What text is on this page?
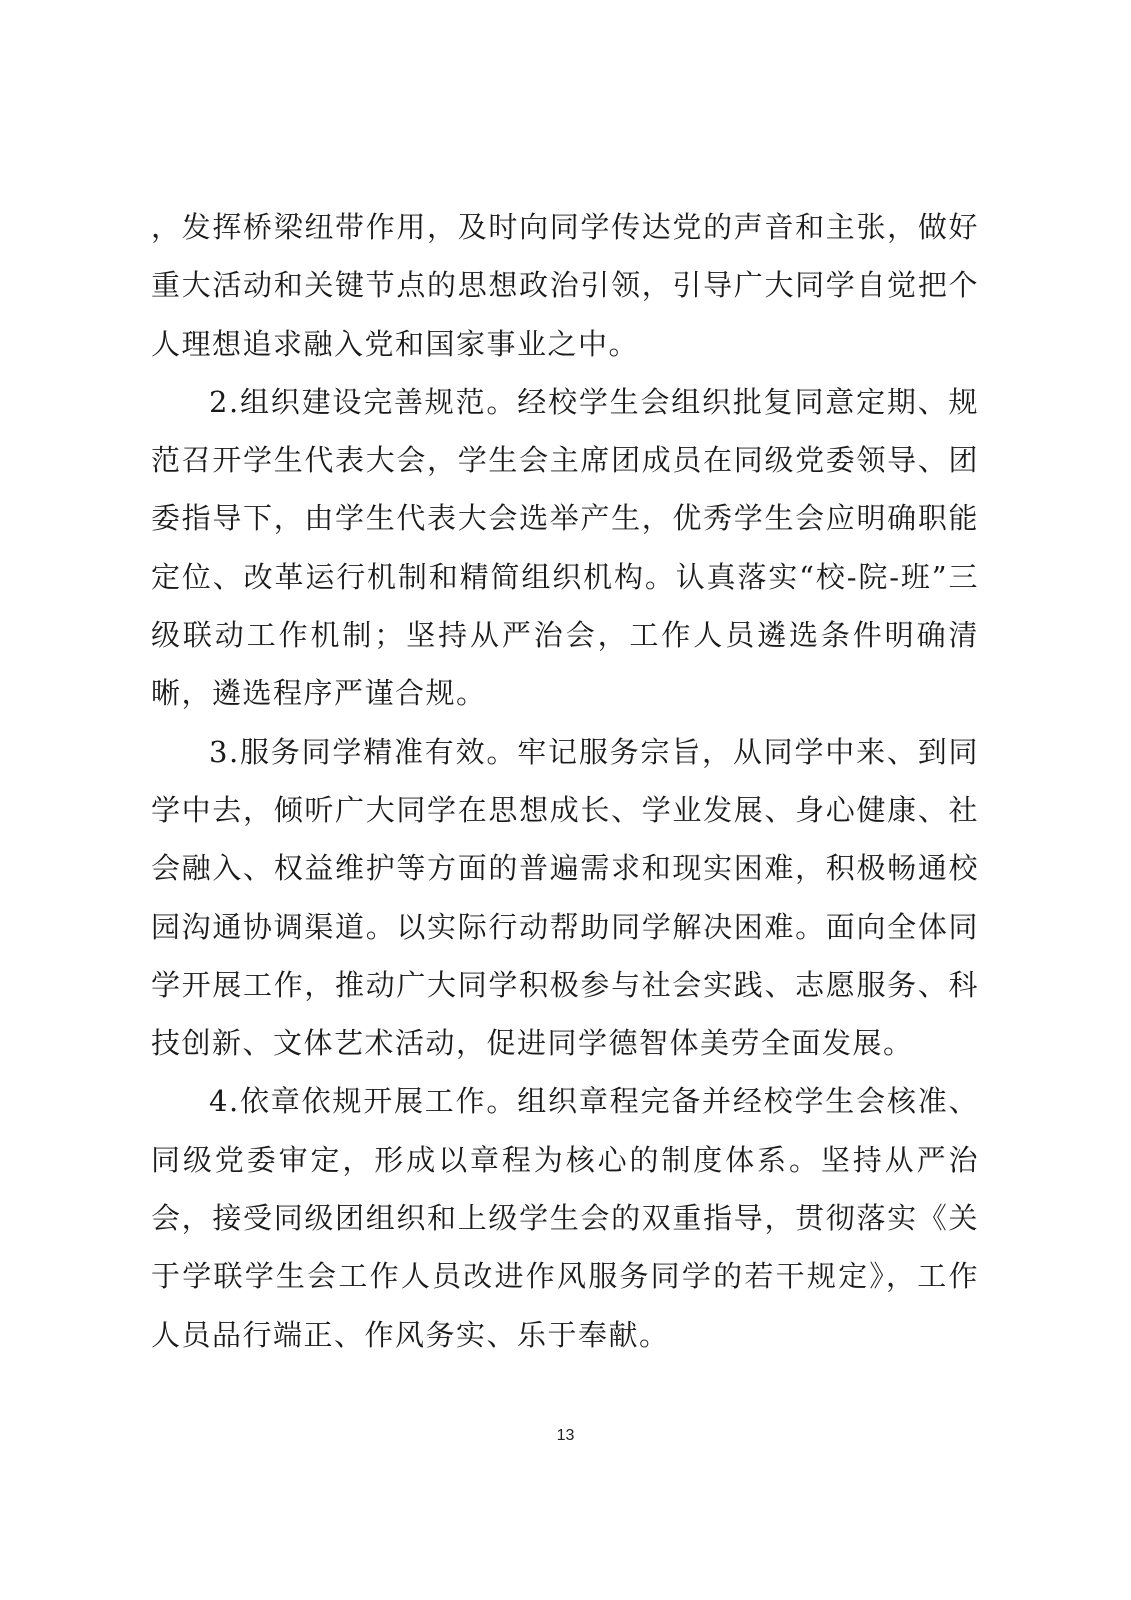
，发挥桥梁纽带作用，及时向同学传达党的声音和主张，做好重大活动和关键节点的思想政治引领，引导广大同学自觉把个人理想追求融入党和国家事业之中。

2.组织建设完善规范。经校学生会组织批复同意定期、规范召开学生代表大会，学生会主席团成员在同级党委领导、团委指导下，由学生代表大会选举产生，优秀学生会应明确职能定位、改革运行机制和精简组织机构。认真落实“校-院-班”三级联动工作机制；坚持从严治会，工作人员遴选条件明确清晰，遴选程序严谨合规。

3.服务同学精准有效。牢记服务宗旨，从同学中来、到同学中去，倾听广大同学在思想成长、学业发展、身心健康、社会融入、权益维护等方面的普遍需求和现实困难，积极畅通校园沟通协调渠道。以实际行动帮助同学解决困难。面向全体同学开展工作，推动广大同学积极参与社会实践、志愿服务、科技创新、文体艺术活动，促进同学德智体美劳全面发展。

4.依章依规开展工作。组织章程完备并经校学生会核准、同级党委审定，形成以章程为核心的制度体系。坚持从严治会，接受同级团组织和上级学生会的双重指导，贯彻落实《关于学联学生会工作人员改进作风服务同学的若干规定》，工作人员品行端正、作风务实、乐于奉献。

13
